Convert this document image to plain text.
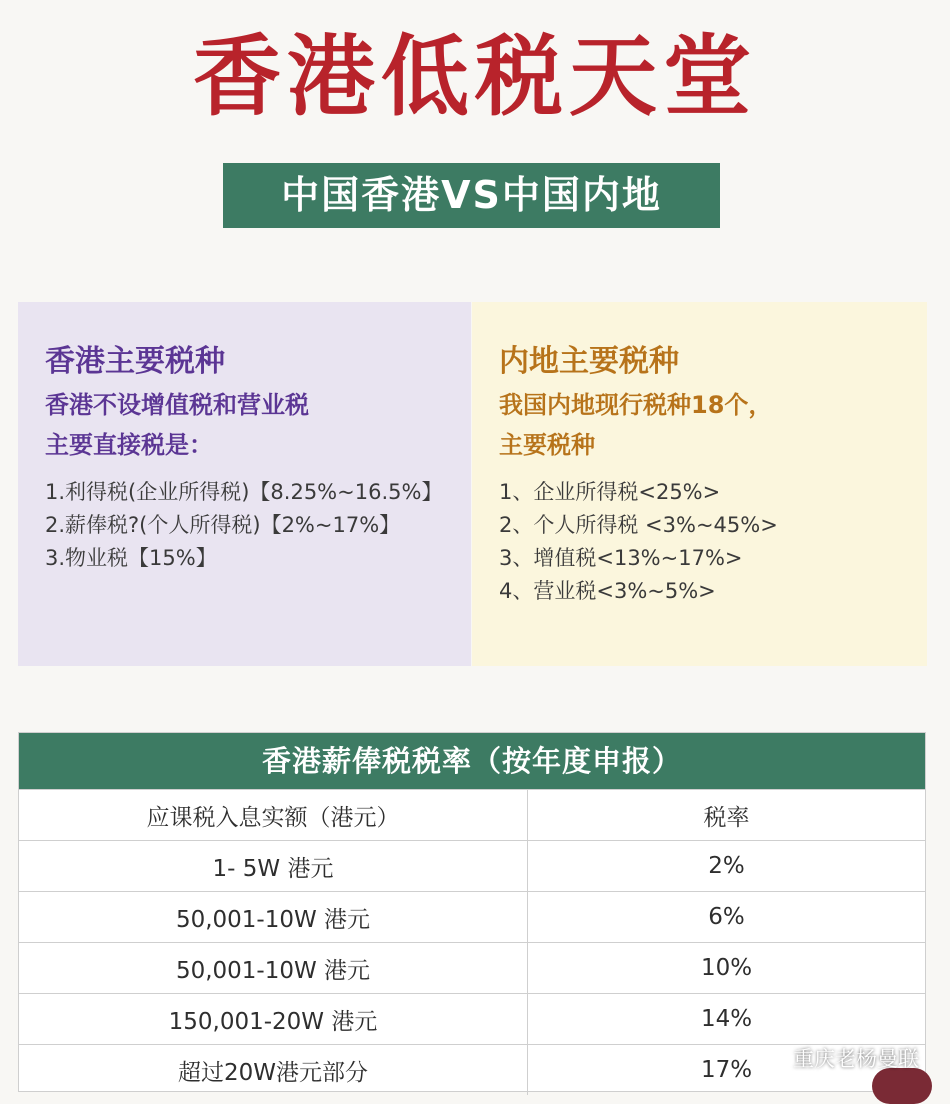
香港低税天堂
中国香港VS中国内地
香港主要税种
香港不设增值税和营业税
主要直接税是：
1.利得税(企业所得税)【8.25%~16.5%】
2.薪俸税?(个人所得税)【2%~17%】
3.物业税【15%】
内地主要税种
我国内地现行税种18个，
主要税种
1、企业所得税<25%>
2、个人所得税 <3%~45%>
3、增值税<13%~17%>
4、营业税<3%~5%>
香港薪俸税税率（按年度申报）
应课税入息实额（港元）	税率
1- 5W 港元	2%
50,001-10W 港元	6%
50,001-10W 港元	10%
150,001-20W 港元	14%
超过20W港元部分	17% 重庆老杨曼联
